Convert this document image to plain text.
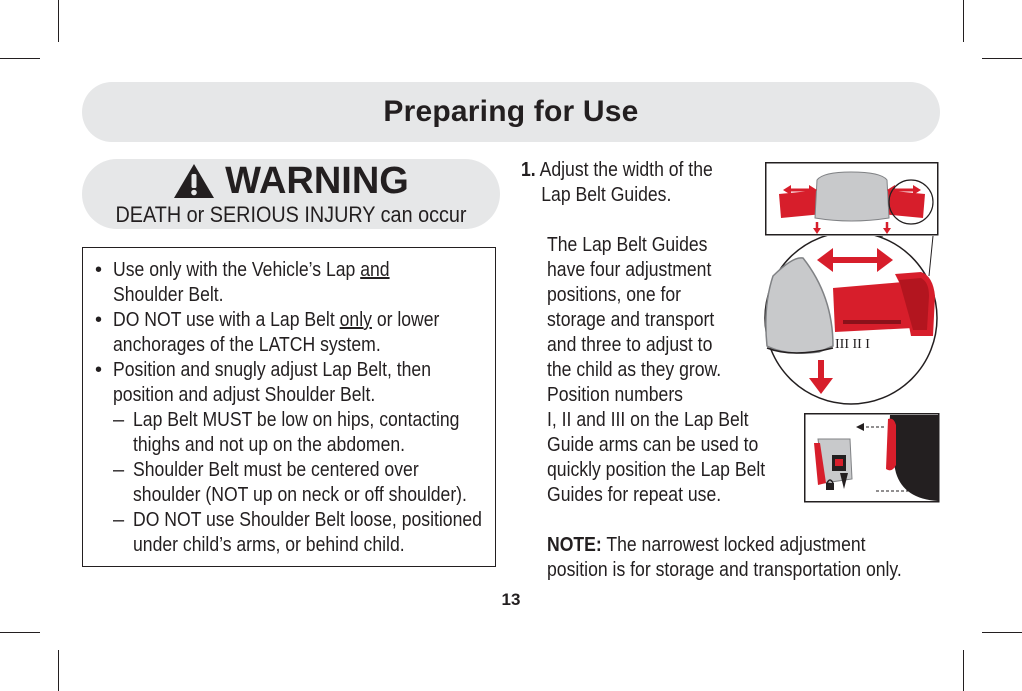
Preparing for Use
WARNING
DEATH or SERIOUS INJURY can occur
• Use only with the Vehicle’s Lap and
Shoulder Belt.
• DO NOT use with a Lap Belt only or lower
anchorages of the LATCH system.
• Position and snugly adjust Lap Belt, then
position and adjust Shoulder Belt.
– Lap Belt MUST be low on hips, contacting
thighs and not up on the abdomen.
– Shoulder Belt must be centered over
shoulder (NOT up on neck or off shoulder).
– DO NOT use Shoulder Belt loose, positioned
under child’s arms, or behind child.
1. Adjust the width of the
Lap Belt Guides.
The Lap Belt Guides
have four adjustment
positions, one for
storage and transport
and three to adjust to
the child as they grow.
Position numbers
I, II and III on the Lap Belt
Guide arms can be used to
quickly position the Lap Belt
Guides for repeat use.
NOTE: The narrowest locked adjustment
position is for storage and transportation only.
III II I
13
